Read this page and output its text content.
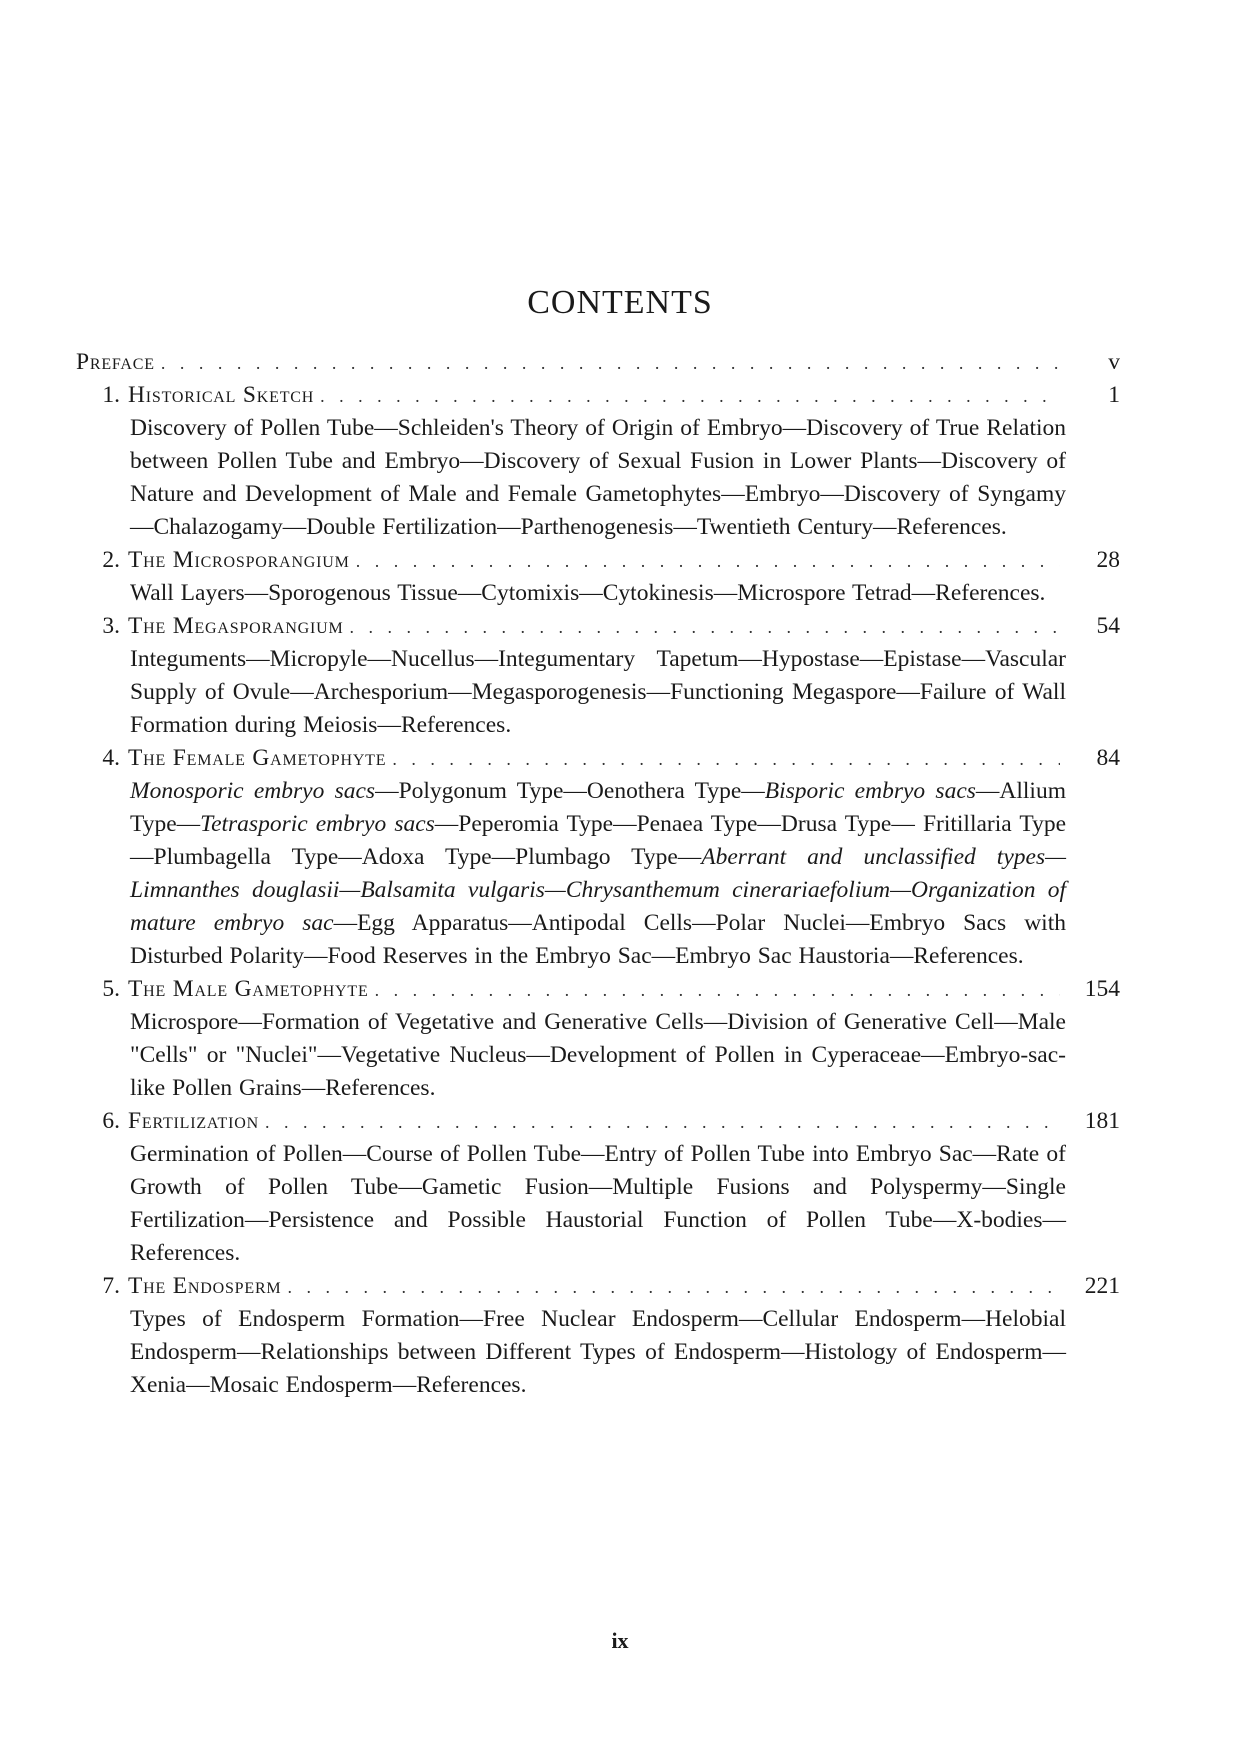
CONTENTS
Preface . . .	v
1. Historical Sketch . . .	1
Discovery of Pollen Tube—Schleiden's Theory of Origin of Embryo—Discovery of True Relation between Pollen Tube and Embryo—Discovery of Sexual Fusion in Lower Plants—Discovery of Nature and Development of Male and Female Gametophytes—Embryo—Discovery of Syngamy—Chalazogamy—Double Fertilization—Parthenogenesis—Twentieth Century—References.
2. The Microsporangium . . .	28
Wall Layers—Sporogenous Tissue—Cytomixis—Cytokinesis—Microspore Tetrad—References.
3. The Megasporangium . . .	54
Integuments—Micropyle—Nucellus—Integumentary Tapetum—Hypostase—Epistase—Vascular Supply of Ovule—Archesporium—Megasporogenesis—Functioning Megaspore—Failure of Wall Formation during Meiosis—References.
4. The Female Gametophyte . . .	84
Monosporic embryo sacs—Polygonum Type—Oenothera Type—Bisporic embryo sacs—Allium Type—Tetrasporic embryo sacs—Peperomia Type—Penaea Type—Drusa Type— Fritillaria Type—Plumbagella Type—Adoxa Type—Plumbago Type—Aberrant and unclassified types—Limnanthes douglasii—Balsamita vulgaris—Chrysanthemum cinerariaefolium—Organization of mature embryo sac—Egg Apparatus—Antipodal Cells—Polar Nuclei—Embryo Sacs with Disturbed Polarity—Food Reserves in the Embryo Sac—Embryo Sac Haustoria—References.
5. The Male Gametophyte . . .	154
Microspore—Formation of Vegetative and Generative Cells—Division of Generative Cell—Male "Cells" or "Nuclei"—Vegetative Nucleus—Development of Pollen in Cyperaceae—Embryo-sac-like Pollen Grains—References.
6. Fertilization . . .	181
Germination of Pollen—Course of Pollen Tube—Entry of Pollen Tube into Embryo Sac—Rate of Growth of Pollen Tube—Gametic Fusion—Multiple Fusions and Polyspermy—Single Fertilization—Persistence and Possible Haustorial Function of Pollen Tube—X-bodies—References.
7. The Endosperm . . .	221
Types of Endosperm Formation—Free Nuclear Endosperm—Cellular Endosperm—Helobial Endosperm—Relationships between Different Types of Endosperm—Histology of Endosperm—Xenia—Mosaic Endosperm—References.
ix
